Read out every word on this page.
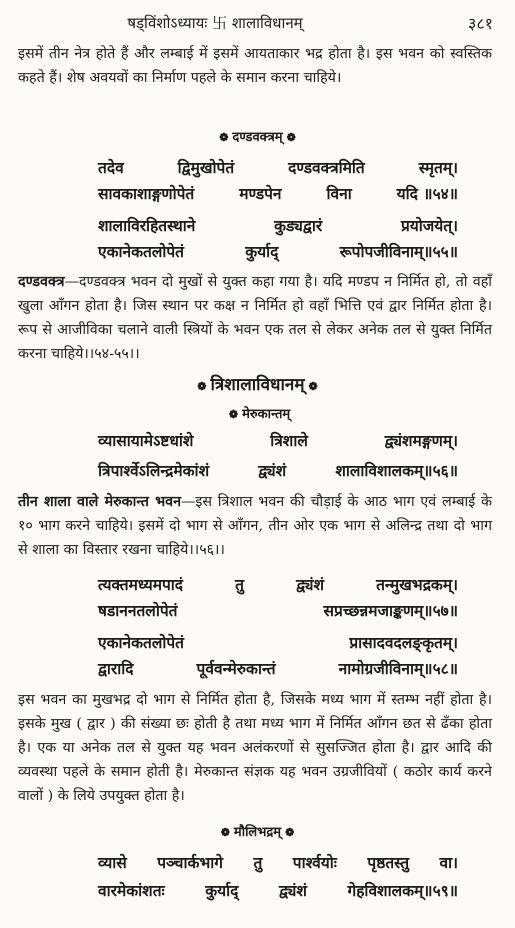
षड्विंशोऽध्यायः 卐 शालाविधानम्	३८१

इसमें तीन नेत्र होते हैं और लम्बाई में इसमें आयताकार भद्र होता है। इस भवन को स्वस्तिक कहते हैं। शेष अवयवों का निर्माण पहले के समान करना चाहिये।

❁ दण्डवक्त्रम् ❁
तदेव	द्विमुखोपेतं	दण्डवक्त्रमिति	स्मृतम्।
सावकाशाङ्गणोपेतं	मण्डपेन	विना	यदि ॥५४॥
शालाविरहितस्थाने	कुड्यद्वारं	प्रयोजयेत्।
एकानेकतलोपेतं	कुर्याद्	रूपोपजीविनाम्॥५५॥

दण्डवक्त्र—दण्डवक्त्र भवन दो मुखों से युक्त कहा गया है। यदि मण्डप न निर्मित हो, तो वहाँ खुला आँगन होता है। जिस स्थान पर कक्ष न निर्मित हो वहाँ भित्ति एवं द्वार निर्मित होता है। रूप से आजीविका चलाने वाली स्त्रियों के भवन एक तल से लेकर अनेक तल से युक्त निर्मित करना चाहिये।।५४-५५।।

❁ त्रिशालाविधानम् ❁
❁ मेरुकान्तम्
व्यासायामेऽष्टधांशे	त्रिशाले	द्व्यंशमङ्गणम्।
त्रिपार्श्वेऽलिन्द्रमेकांशं	द्व्यंशं	शालाविशालकम्॥५६॥

तीन शाला वाले मेरुकान्त भवन—इस त्रिशाल भवन की चौड़ाई के आठ भाग एवं लम्बाई के १० भाग करने चाहिये। इसमें दो भाग से आँगन, तीन ओर एक भाग से अलिन्द्र तथा दो भाग से शाला का विस्तार रखना चाहिये।।५६।।

त्यक्तमध्यमपादं	तु	द्व्यंशं	तन्मुखभद्रकम्।
षडाननतलोपेतं	सप्रच्छन्नमजाङ्कणम्॥५७॥
एकानेकतलोपेतं	प्रासादवदलङ्कृतम्।
द्वारादि	पूर्ववन्मेरुकान्तं	नामोग्रजीविनाम्॥५८॥

इस भवन का मुखभद्र दो भाग से निर्मित होता है, जिसके मध्य भाग में स्तम्भ नहीं होता है। इसके मुख ( द्वार ) की संख्या छः होती है तथा मध्य भाग में निर्मित आँगन छत से ढँका होता है। एक या अनेक तल से युक्त यह भवन अलंकरणों से सुसज्जित होता है। द्वार आदि की व्यवस्था पहले के समान होती है। मेरुकान्त संज्ञक यह भवन उग्रजीवियों ( कठोर कार्य करने वालों ) के लिये उपयुक्त होता है।

❁ मौलिभद्रम् ❁
व्यासे पञ्चार्कभागे तु पार्श्वयोः पृष्ठतस्तु वा।
वारमेकांशतः	कुर्याद्	द्व्यंशं	गेहविशालकम्॥५९॥
